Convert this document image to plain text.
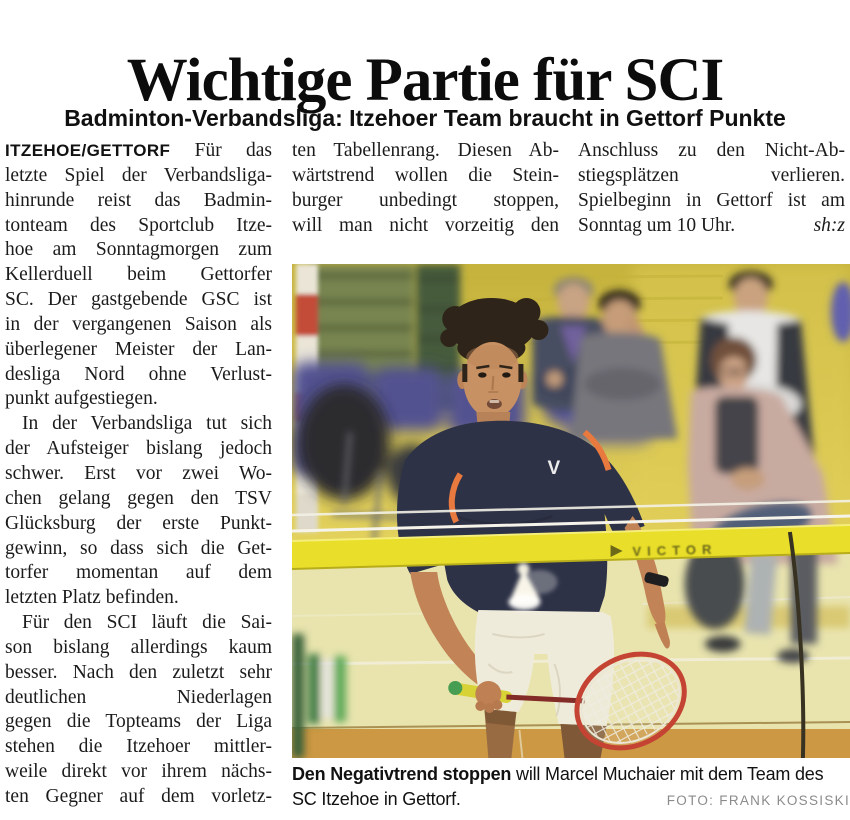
Wichtige Partie für SCI
Badminton-Verbandsliga: Itzehoer Team braucht in Gettorf Punkte
ITZEHOE/GETTORF Für das
letzte Spiel der Verbandsliga-
hinrunde reist das Badmin-
tonteam des Sportclub Itze-
hoe am Sonntagmorgen zum
Kellerduell beim Gettorfer
SC. Der gastgebende GSC ist
in der vergangenen Saison als
überlegener Meister der Lan-
desliga Nord ohne Verlust-
punkt aufgestiegen.
In der Verbandsliga tut sich
der Aufsteiger bislang jedoch
schwer. Erst vor zwei Wo-
chen gelang gegen den TSV
Glücksburg der erste Punkt-
gewinn, so dass sich die Get-
torfer momentan auf dem
letzten Platz befinden.
Für den SCI läuft die Sai-
son bislang allerdings kaum
besser. Nach den zuletzt sehr
deutlichen Niederlagen
gegen die Topteams der Liga
stehen die Itzehoer mittler-
weile direkt vor ihrem nächs-
ten Gegner auf dem vorletz-
ten Tabellenrang. Diesen Ab-
wärtstrend wollen die Stein-
burger unbedingt stoppen,
will man nicht vorzeitig den
Anschluss zu den Nicht-Ab-
stiegsplätzen verlieren.
Spielbeginn in Gettorf ist am
Sonntag um 10 Uhr.	sh:z
V
VICTOR
Den Negativtrend stoppen will Marcel Muchaier mit dem Team des
SC Itzehoe in Gettorf.	FOTO: FRANK KOSSISKI
